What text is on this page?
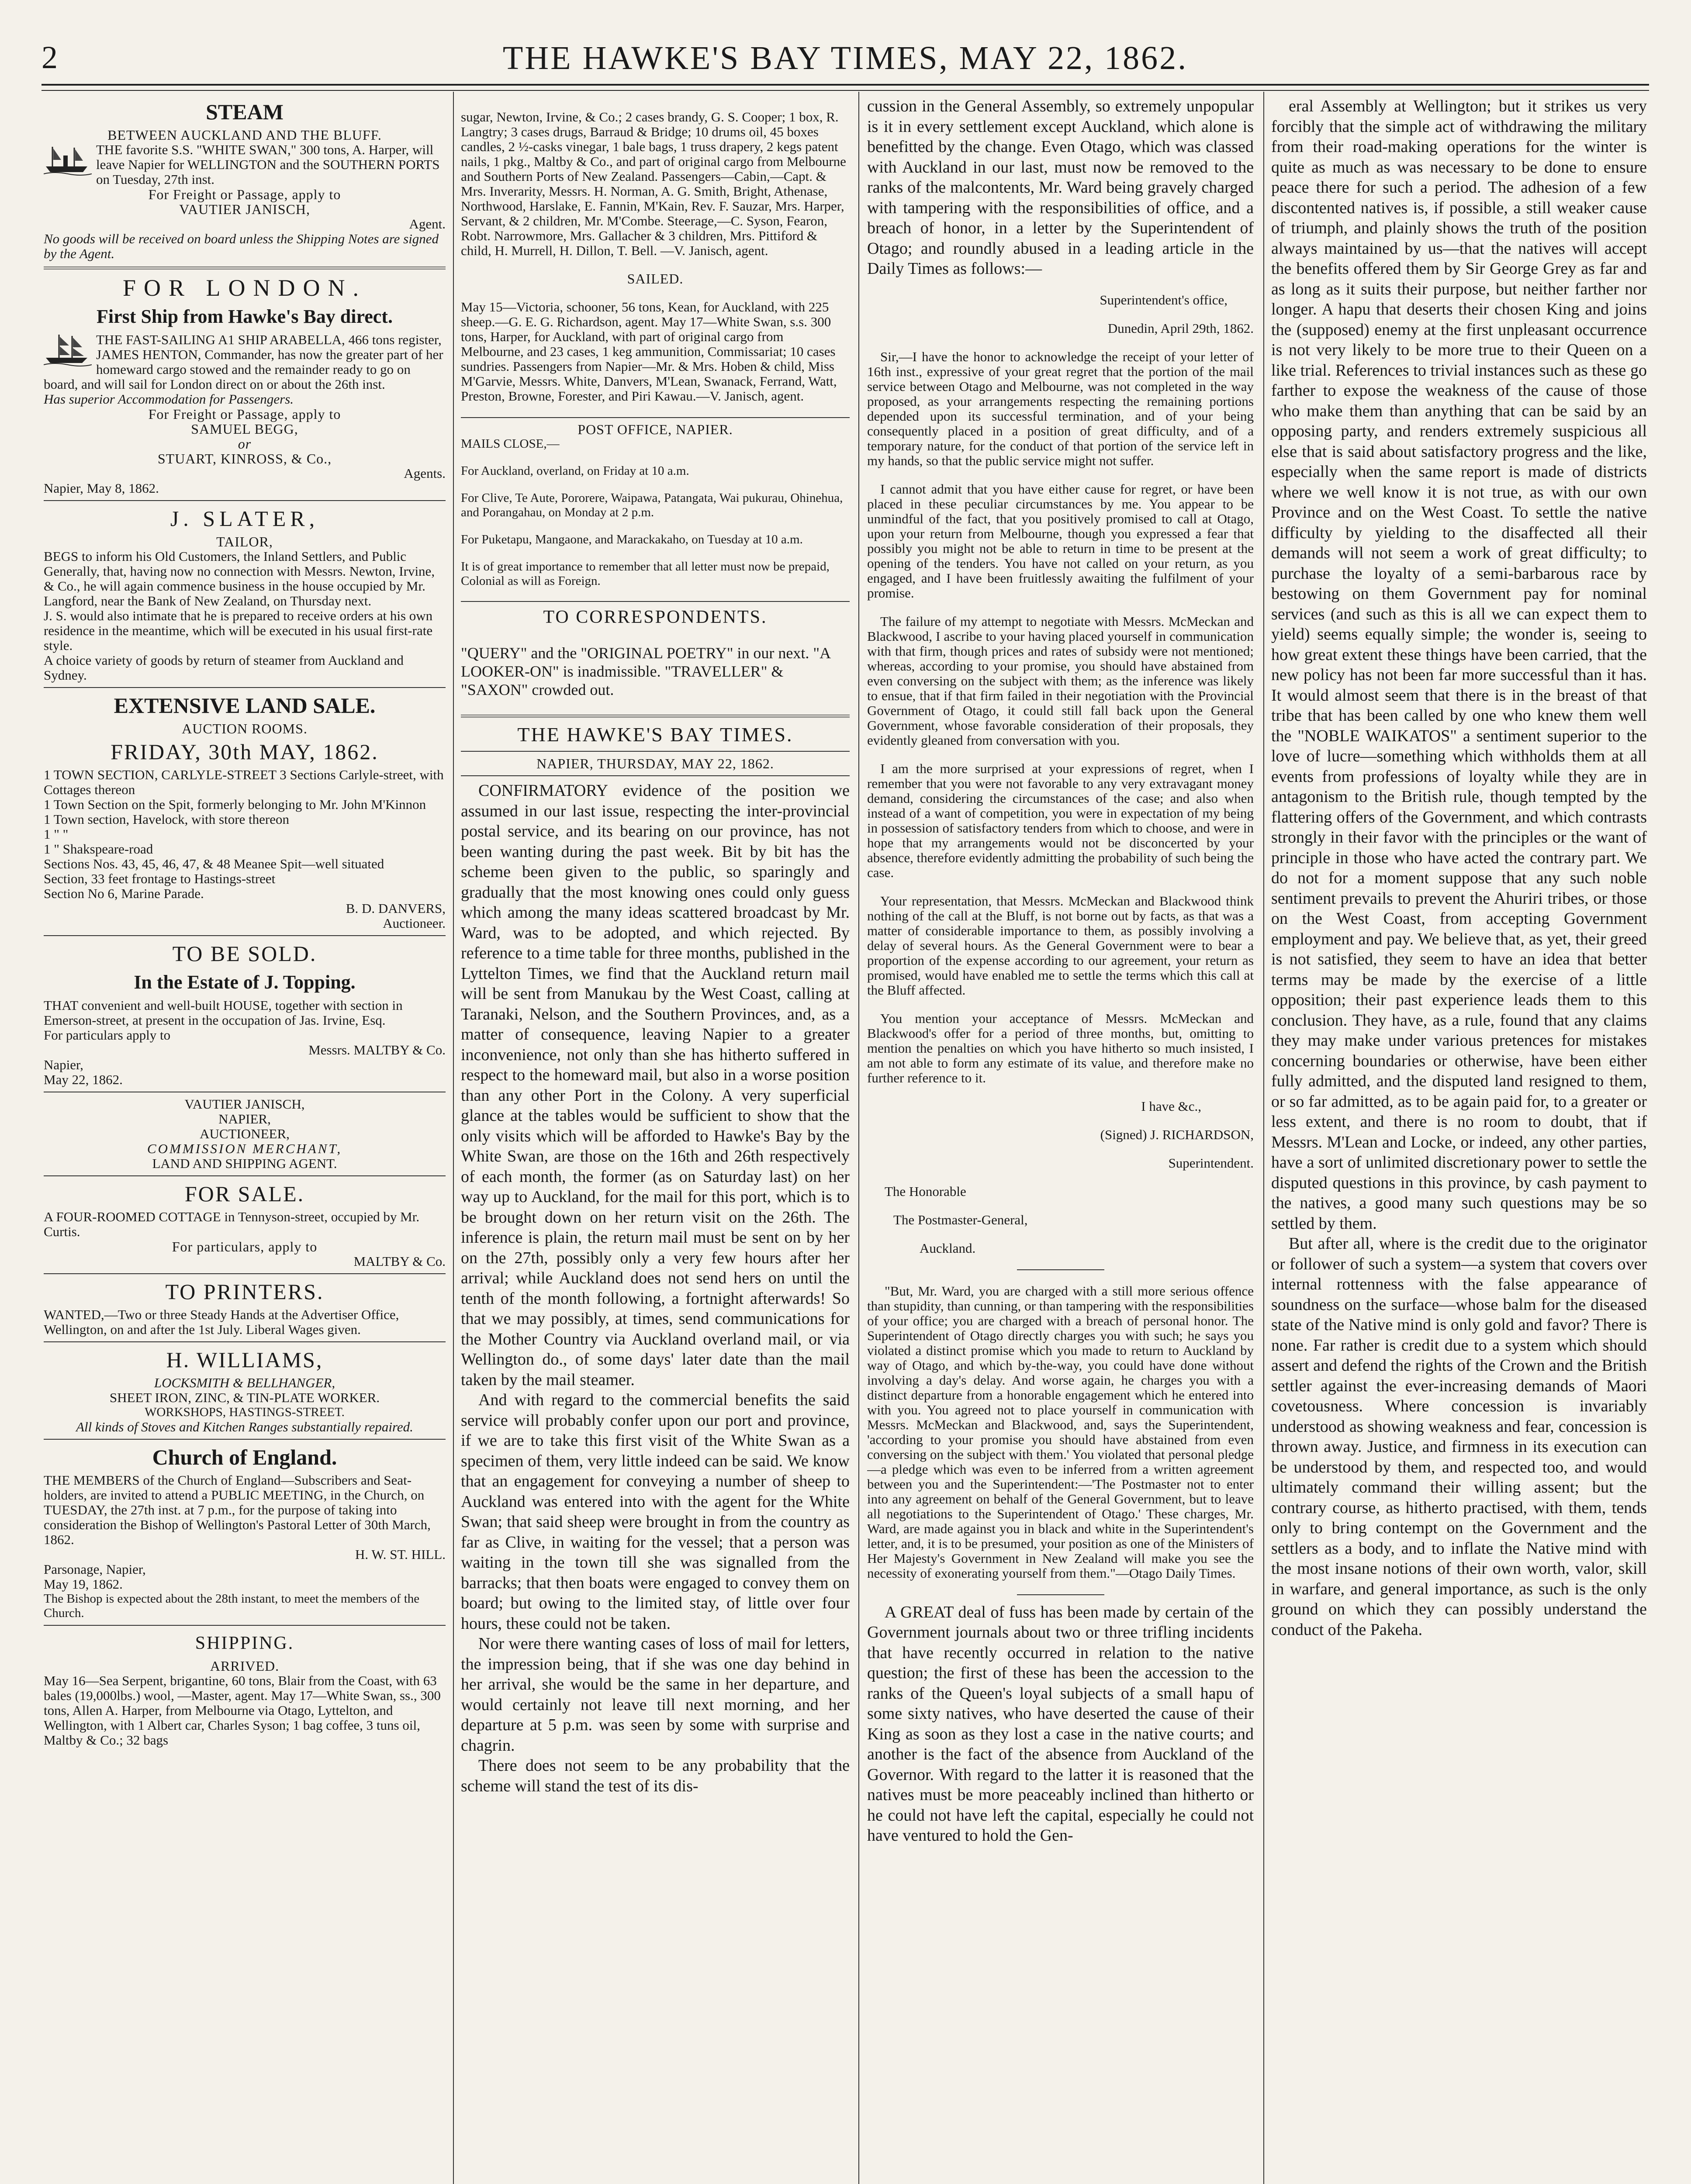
2	THE HAWKE'S BAY TIMES, MAY 22, 1862.
STEAM
BETWEEN AUCKLAND AND THE BLUFF.

THE favorite S.S. "WHITE SWAN," 300 tons, A. Harper, will leave Napier for WELLINGTON and the SOUTHERN PORTS on Tuesday, 27th inst.

For Freight or Passage, apply to

VAUTIER JANISCH,

Agent.

No goods will be received on board unless the Shipping Notes are signed by the Agent.

FOR LONDON.
First Ship from Hawke's Bay direct.

THE FAST-SAILING A1 SHIP ARABELLA, 466 tons register, JAMES HENTON, Commander, has now the greater part of her homeward cargo stowed and the remainder ready to go on board, and will sail for London direct on or about the 26th inst.

Has superior Accommodation for Passengers.

For Freight or Passage, apply to

SAMUEL BEGG,

or

STUART, KINROSS, & Co.,

Agents.

Napier, May 8, 1862.

J. SLATER,
TAILOR,

BEGS to inform his Old Customers, the Inland Settlers, and Public Generally, that, having now no connection with Messrs. Newton, Irvine, & Co., he will again commence business in the house occupied by Mr. Langford, near the Bank of New Zealand, on Thursday next.

J. S. would also intimate that he is prepared to receive orders at his own residence in the meantime, which will be executed in his usual first-rate style.

A choice variety of goods by return of steamer from Auckland and Sydney.

EXTENSIVE LAND SALE.
AUCTION ROOMS.
FRIDAY, 30th MAY, 1862.

1 TOWN SECTION, CARLYLE-STREET 3 Sections Carlyle-street, with Cottages thereon

1 Town Section on the Spit, formerly belonging to Mr. John M'Kinnon

1 Town section, Havelock, with store thereon

1 " "

1 " Shakspeare-road

Sections Nos. 43, 45, 46, 47, & 48 Meanee Spit—well situated

Section, 33 feet frontage to Hastings-street

Section No 6, Marine Parade.

B. D. DANVERS,

Auctioneer.

TO BE SOLD.
In the Estate of J. Topping.

THAT convenient and well-built HOUSE, together with section in Emerson-street, at present in the occupation of Jas. Irvine, Esq.

For particulars apply to

Messrs. MALTBY & Co.

Napier,

May 22, 1862.

VAUTIER JANISCH,

NAPIER,

AUCTIONEER,

COMMISSION MERCHANT,

LAND AND SHIPPING AGENT.

FOR SALE.

A FOUR-ROOMED COTTAGE in Tennyson-street, occupied by Mr. Curtis.

For particulars, apply to

MALTBY & Co.

TO PRINTERS.

WANTED,—Two or three Steady Hands at the Advertiser Office, Wellington, on and after the 1st July. Liberal Wages given.

H. WILLIAMS,

LOCKSMITH & BELLHANGER,

SHEET IRON, ZINC, & TIN-PLATE WORKER.

WORKSHOPS, HASTINGS-STREET.

All kinds of Stoves and Kitchen Ranges substantially repaired.

Church of England.

THE MEMBERS of the Church of England—Subscribers and Seat-holders, are invited to attend a PUBLIC MEETING, in the Church, on TUESDAY, the 27th inst. at 7 p.m., for the purpose of taking into consideration the Bishop of Wellington's Pastoral Letter of 30th March, 1862.

H. W. ST. HILL.

Parsonage, Napier,

May 19, 1862.

The Bishop is expected about the 28th instant, to meet the members of the Church.

SHIPPING.
ARRIVED.

May 16—Sea Serpent, brigantine, 60 tons, Blair from the Coast, with 63 bales (19,000lbs.) wool, —Master, agent. May 17—White Swan, ss., 300 tons, Allen A. Harper, from Melbourne via Otago, Lyttelton, and Wellington, with 1 Albert car, Charles Syson; 1 bag coffee, 3 tuns oil, Maltby & Co.; 32 bags

sugar, Newton, Irvine, & Co.; 2 cases brandy, G. S. Cooper; 1 box, R. Langtry; 3 cases drugs, Barraud & Bridge; 10 drums oil, 45 boxes candles, 2 ½-casks vinegar, 1 bale bags, 1 truss drapery, 2 kegs patent nails, 1 pkg., Maltby & Co., and part of original cargo from Melbourne and Southern Ports of New Zealand. Passengers—Cabin,—Capt. & Mrs. Inverarity, Messrs. H. Norman, A. G. Smith, Bright, Athenase, Northwood, Harslake, E. Fannin, M'Kain, Rev. F. Sauzar, Mrs. Harper, Servant, & 2 children, Mr. M'Combe. Steerage,—C. Syson, Fearon, Robt. Narrowmore, Mrs. Gallacher & 3 children, Mrs. Pittiford & child, H. Murrell, H. Dillon, T. Bell. —V. Janisch, agent.

SAILED.

May 15—Victoria, schooner, 56 tons, Kean, for Auckland, with 225 sheep.—G. E. G. Richardson, agent. May 17—White Swan, s.s. 300 tons, Harper, for Auckland, with part of original cargo from Melbourne, and 23 cases, 1 keg ammunition, Commissariat; 10 cases sundries. Passengers from Napier—Mr. & Mrs. Hoben & child, Miss M'Garvie, Messrs. White, Danvers, M'Lean, Swanack, Ferrand, Watt, Preston, Browne, Forester, and Piri Kawau.—V. Janisch, agent.

POST OFFICE, NAPIER.
MAILS CLOSE,—

For Auckland, overland, on Friday at 10 a.m.

For Clive, Te Aute, Pororere, Waipawa, Patangata, Wai pukurau, Ohinehua, and Porangahau, on Monday at 2 p.m.

For Puketapu, Mangaone, and Marackakaho, on Tuesday at 10 a.m.

It is of great importance to remember that all letter must now be prepaid, Colonial as will as Foreign.

TO CORRESPONDENTS.

"QUERY" and the "ORIGINAL POETRY" in our next. "A LOOKER-ON" is inadmissible. "TRAVELLER" & "SAXON" crowded out.

THE HAWKE'S BAY TIMES.
NAPIER, THURSDAY, MAY 22, 1862.

CONFIRMATORY evidence of the position we assumed in our last issue, respecting the inter-provincial postal service, and its bearing on our province, has not been wanting during the past week. Bit by bit has the scheme been given to the public, so sparingly and gradually that the most knowing ones could only guess which among the many ideas scattered broadcast by Mr. Ward, was to be adopted, and which rejected. By reference to a time table for three months, published in the Lyttelton Times, we find that the Auckland return mail will be sent from Manukau by the West Coast, calling at Taranaki, Nelson, and the Southern Provinces, and, as a matter of consequence, leaving Napier to a greater inconvenience, not only than she has hitherto suffered in respect to the homeward mail, but also in a worse position than any other Port in the Colony. A very superficial glance at the tables would be sufficient to show that the only visits which will be afforded to Hawke's Bay by the White Swan, are those on the 16th and 26th respectively of each month, the former (as on Saturday last) on her way up to Auckland, for the mail for this port, which is to be brought down on her return visit on the 26th. The inference is plain, the return mail must be sent on by her on the 27th, possibly only a very few hours after her arrival; while Auckland does not send hers on until the tenth of the month following, a fortnight afterwards! So that we may possibly, at times, send communications for the Mother Country via Auckland overland mail, or via Wellington do., of some days' later date than the mail taken by the mail steamer.

And with regard to the commercial benefits the said service will probably confer upon our port and province, if we are to take this first visit of the White Swan as a specimen of them, very little indeed can be said. We know that an engagement for conveying a number of sheep to Auckland was entered into with the agent for the White Swan; that said sheep were brought in from the country as far as Clive, in waiting for the vessel; that a person was waiting in the town till she was signalled from the barracks; that then boats were engaged to convey them on board; but owing to the limited stay, of little over four hours, these could not be taken.

Nor were there wanting cases of loss of mail for letters, the impression being, that if she was one day behind in her arrival, she would be the same in her departure, and would certainly not leave till next morning, and her departure at 5 p.m. was seen by some with surprise and chagrin.

There does not seem to be any probability that the scheme will stand the test of its dis-

cussion in the General Assembly, so extremely unpopular is it in every settlement except Auckland, which alone is benefitted by the change. Even Otago, which was classed with Auckland in our last, must now be removed to the ranks of the malcontents, Mr. Ward being gravely charged with tampering with the responsibilities of office, and a breach of honor, in a letter by the Superintendent of Otago; and roundly abused in a leading article in the Daily Times as follows:—

Superintendent's office,

Dunedin, April 29th, 1862.

Sir,—I have the honor to acknowledge the receipt of your letter of 16th inst., expressive of your great regret that the portion of the mail service between Otago and Melbourne, was not completed in the way proposed, as your arrangements respecting the remaining portions depended upon its successful termination, and of your being consequently placed in a position of great difficulty, and of a temporary nature, for the conduct of that portion of the service left in my hands, so that the public service might not suffer.

I cannot admit that you have either cause for regret, or have been placed in these peculiar circumstances by me. You appear to be unmindful of the fact, that you positively promised to call at Otago, upon your return from Melbourne, though you expressed a fear that possibly you might not be able to return in time to be present at the opening of the tenders. You have not called on your return, as you engaged, and I have been fruitlessly awaiting the fulfilment of your promise.

The failure of my attempt to negotiate with Messrs. McMeckan and Blackwood, I ascribe to your having placed yourself in communication with that firm, though prices and rates of subsidy were not mentioned; whereas, according to your promise, you should have abstained from even conversing on the subject with them; as the inference was likely to ensue, that if that firm failed in their negotiation with the Provincial Government of Otago, it could still fall back upon the General Government, whose favorable consideration of their proposals, they evidently gleaned from conversation with you.

I am the more surprised at your expressions of regret, when I remember that you were not favorable to any very extravagant money demand, considering the circumstances of the case; and also when instead of a want of competition, you were in expectation of my being in possession of satisfactory tenders from which to choose, and were in hope that my arrangements would not be disconcerted by your absence, therefore evidently admitting the probability of such being the case.

Your representation, that Messrs. McMeckan and Blackwood think nothing of the call at the Bluff, is not borne out by facts, as that was a matter of considerable importance to them, as possibly involving a delay of several hours. As the General Government were to bear a proportion of the expense according to our agreement, your return as promised, would have enabled me to settle the terms which this call at the Bluff affected.

You mention your acceptance of Messrs. McMeckan and Blackwood's offer for a period of three months, but, omitting to mention the penalties on which you have hitherto so much insisted, I am not able to form any estimate of its value, and therefore make no further reference to it.

I have &c.,

(Signed) J. RICHARDSON,

Superintendent.

The Honorable

The Postmaster-General,

Auckland.

"But, Mr. Ward, you are charged with a still more serious offence than stupidity, than cunning, or than tampering with the responsibilities of your office; you are charged with a breach of personal honor. The Superintendent of Otago directly charges you with such; he says you violated a distinct promise which you made to return to Auckland by way of Otago, and which by-the-way, you could have done without involving a day's delay. And worse again, he charges you with a distinct departure from a honorable engagement which he entered into with you. You agreed not to place yourself in communication with Messrs. McMeckan and Blackwood, and, says the Superintendent, 'according to your promise you should have abstained from even conversing on the subject with them.' You violated that personal pledge—a pledge which was even to be inferred from a written agreement between you and the Superintendent:—'The Postmaster not to enter into any agreement on behalf of the General Government, but to leave all negotiations to the Superintendent of Otago.' These charges, Mr. Ward, are made against you in black and white in the Superintendent's letter, and, it is to be presumed, your position as one of the Ministers of Her Majesty's Government in New Zealand will make you see the necessity of exonerating yourself from them."—Otago Daily Times.

A GREAT deal of fuss has been made by certain of the Government journals about two or three trifling incidents that have recently occurred in relation to the native question; the first of these has been the accession to the ranks of the Queen's loyal subjects of a small hapu of some sixty natives, who have deserted the cause of their King as soon as they lost a case in the native courts; and another is the fact of the absence from Auckland of the Governor. With regard to the latter it is reasoned that the natives must be more peaceably inclined than hitherto or he could not have left the capital, especially he could not have ventured to hold the Gen-

eral Assembly at Wellington; but it strikes us very forcibly that the simple act of withdrawing the military from their road-making operations for the winter is quite as much as was necessary to be done to ensure peace there for such a period. The adhesion of a few discontented natives is, if possible, a still weaker cause of triumph, and plainly shows the truth of the position always maintained by us—that the natives will accept the benefits offered them by Sir George Grey as far and as long as it suits their purpose, but neither farther nor longer. A hapu that deserts their chosen King and joins the (supposed) enemy at the first unpleasant occurrence is not very likely to be more true to their Queen on a like trial. References to trivial instances such as these go farther to expose the weakness of the cause of those who make them than anything that can be said by an opposing party, and renders extremely suspicious all else that is said about satisfactory progress and the like, especially when the same report is made of districts where we well know it is not true, as with our own Province and on the West Coast. To settle the native difficulty by yielding to the disaffected all their demands will not seem a work of great difficulty; to purchase the loyalty of a semi-barbarous race by bestowing on them Government pay for nominal services (and such as this is all we can expect them to yield) seems equally simple; the wonder is, seeing to how great extent these things have been carried, that the new policy has not been far more successful than it has. It would almost seem that there is in the breast of that tribe that has been called by one who knew them well the "NOBLE WAIKATOS" a sentiment superior to the love of lucre—something which withholds them at all events from professions of loyalty while they are in antagonism to the British rule, though tempted by the flattering offers of the Government, and which contrasts strongly in their favor with the principles or the want of principle in those who have acted the contrary part. We do not for a moment suppose that any such noble sentiment prevails to prevent the Ahuriri tribes, or those on the West Coast, from accepting Government employment and pay. We believe that, as yet, their greed is not satisfied, they seem to have an idea that better terms may be made by the exercise of a little opposition; their past experience leads them to this conclusion. They have, as a rule, found that any claims they may make under various pretences for mistakes concerning boundaries or otherwise, have been either fully admitted, and the disputed land resigned to them, or so far admitted, as to be again paid for, to a greater or less extent, and there is no room to doubt, that if Messrs. M'Lean and Locke, or indeed, any other parties, have a sort of unlimited discretionary power to settle the disputed questions in this province, by cash payment to the natives, a good many such questions may be so settled by them.

But after all, where is the credit due to the originator or follower of such a system—a system that covers over internal rottenness with the false appearance of soundness on the surface—whose balm for the diseased state of the Native mind is only gold and favor? There is none. Far rather is credit due to a system which should assert and defend the rights of the Crown and the British settler against the ever-increasing demands of Maori covetousness. Where concession is invariably understood as showing weakness and fear, concession is thrown away. Justice, and firmness in its execution can be understood by them, and respected too, and would ultimately command their willing assent; but the contrary course, as hitherto practised, with them, tends only to bring contempt on the Government and the settlers as a body, and to inflate the Native mind with the most insane notions of their own worth, valor, skill in warfare, and general importance, as such is the only ground on which they can possibly understand the conduct of the Pakeha.
